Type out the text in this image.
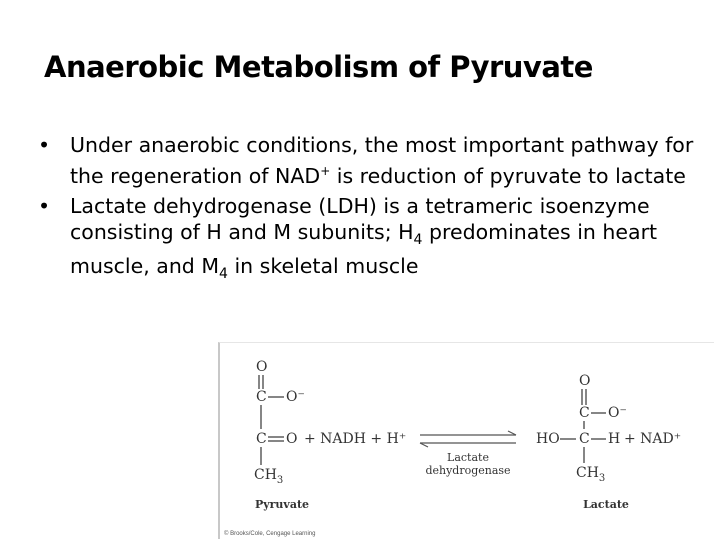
Anaerobic Metabolism of Pyruvate
• Under anaerobic conditions, the most important pathway for the regeneration of NAD+ is reduction of pyruvate to lactate
• Lactate dehydrogenase (LDH) is a tetrameric isoenzyme consisting of H and M subunits; $H_4$ predominates in heart muscle, and $M_4$ in skeletal muscle
O
C O⁻
C O
$CH_3$
+ NADH + H⁺
Lactate
dehydrogenase
O
C O⁻
HO C H + NAD⁺
$CH_3$
Pyruvate	Lactate
© Brooks/Cole, Cengage Learning
